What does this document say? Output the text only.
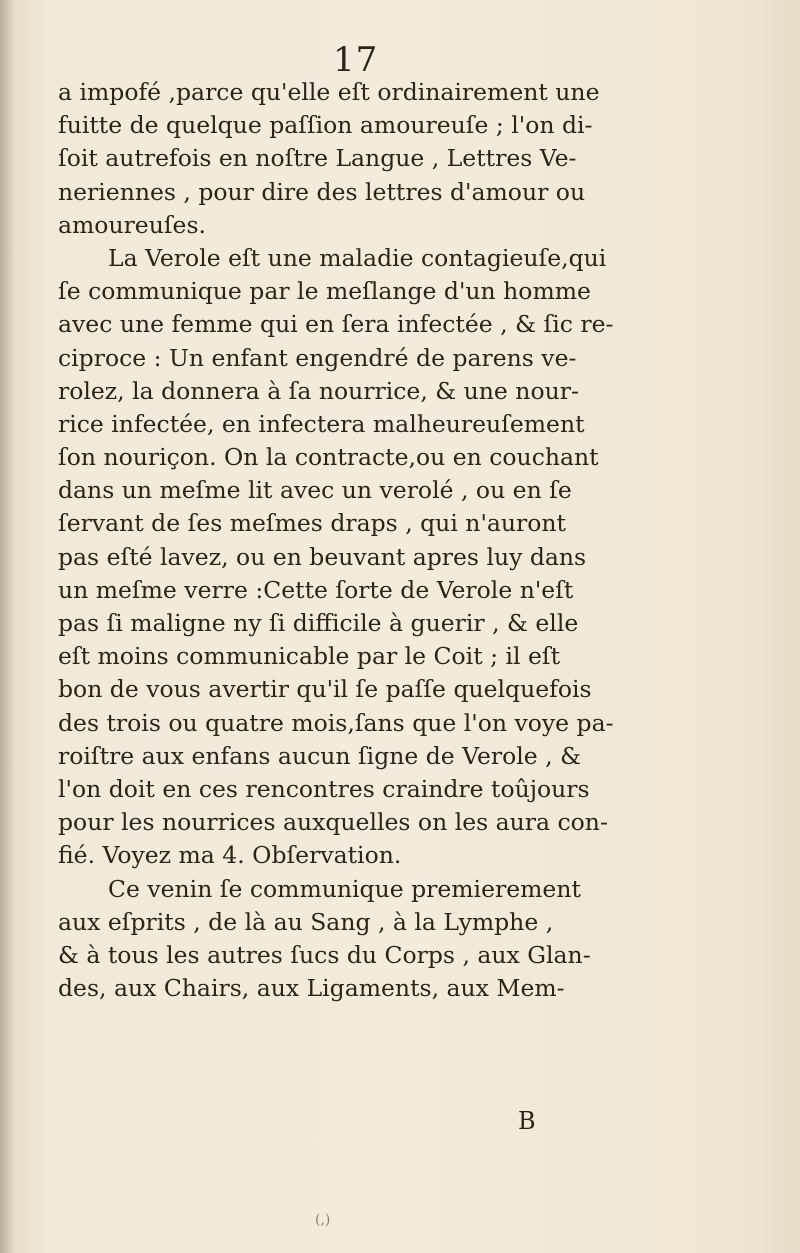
17
a impofé ,parce qu'elle eſt ordinairement une
fuitte de quelque paſſion amoureuſe ; l'on di-
ſoit autrefois en noſtre Langue , Lettres Ve-
neriennes , pour dire des lettres d'amour ou
amoureuſes.
La Verole eſt une maladie contagieuſe,qui
ſe communique par le meſlange d'un homme
avec une femme qui en ſera infectée , & ſic re-
ciproce : Un enfant engendré de parens ve-
rolez, la donnera à ſa nourrice, & une nour-
rice infectée, en infectera malheureuſement
ſon nouriçon. On la contracte,ou en couchant
dans un meſme lit avec un verolé , ou en ſe
ſervant de ſes meſmes draps , qui n'auront
pas eſté lavez, ou en beuvant apres luy dans
un meſme verre :Cette ſorte de Verole n'eſt
pas ſi maligne ny ſi difficile à guerir , & elle
eſt moins communicable par le Coit ; il eſt
bon de vous avertir qu'il ſe paſſe quelquefois
des trois ou quatre mois,ſans que l'on voye pa-
roiſtre aux enfans aucun ſigne de Verole , &
l'on doit en ces rencontres craindre toûjours
pour les nourrices auxquelles on les aura con-
fié. Voyez ma 4. Obſervation.
Ce venin ſe communique premierement
aux eſprits , de là au Sang , à la Lymphe ,
& à tous les autres ſucs du Corps , aux Glan-
des, aux Chairs, aux Ligaments, aux Mem-
B
(,)
